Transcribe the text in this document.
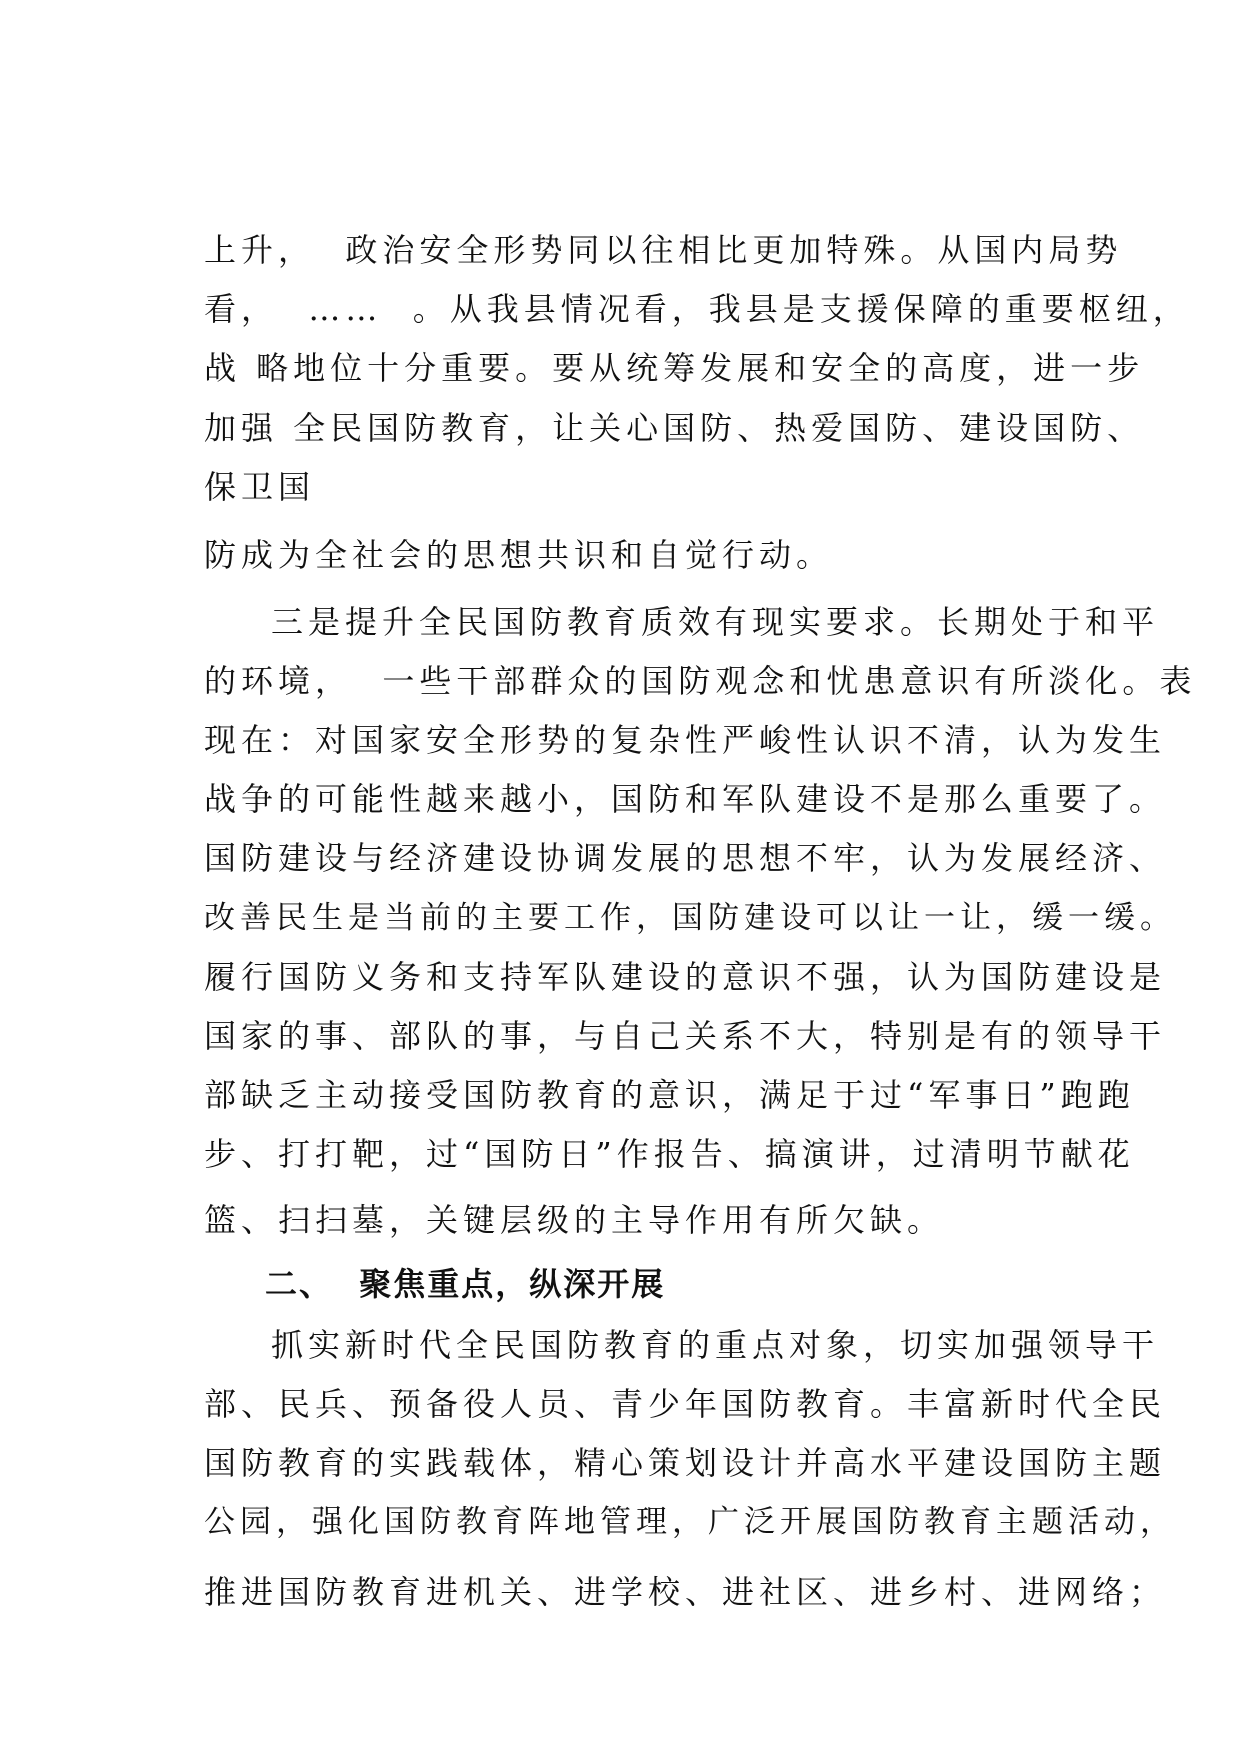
上升，  政治安全形势同以往相比更加特殊。从国内局势
看，  ……  。从我县情况看，我县是支援保障的重要枢纽，
战 略地位十分重要。要从统筹发展和安全的高度，进一步
加强 全民国防教育，让关心国防、热爱国防、建设国防、
保卫国
防成为全社会的思想共识和自觉行动。
三是提升全民国防教育质效有现实要求。长期处于和平
的环境，  一些干部群众的国防观念和忧患意识有所淡化。表
现在：对国家安全形势的复杂性严峻性认识不清，认为发生
战争的可能性越来越小，国防和军队建设不是那么重要了。
国防建设与经济建设协调发展的思想不牢，认为发展经济、
改善民生是当前的主要工作，国防建设可以让一让，缓一缓。
履行国防义务和支持军队建设的意识不强，认为国防建设是
国家的事、部队的事，与自己关系不大，特别是有的领导干
部缺乏主动接受国防教育的意识，满足于过“军事日”跑跑
步、打打靶，过“国防日”作报告、搞演讲，过清明节献花
篮、扫扫墓，关键层级的主导作用有所欠缺。
二、  聚焦重点，纵深开展
抓实新时代全民国防教育的重点对象，切实加强领导干
部、民兵、预备役人员、青少年国防教育。丰富新时代全民
国防教育的实践载体，精心策划设计并高水平建设国防主题
公园，强化国防教育阵地管理，广泛开展国防教育主题活动，
推进国防教育进机关、进学校、进社区、进乡村、进网络；
